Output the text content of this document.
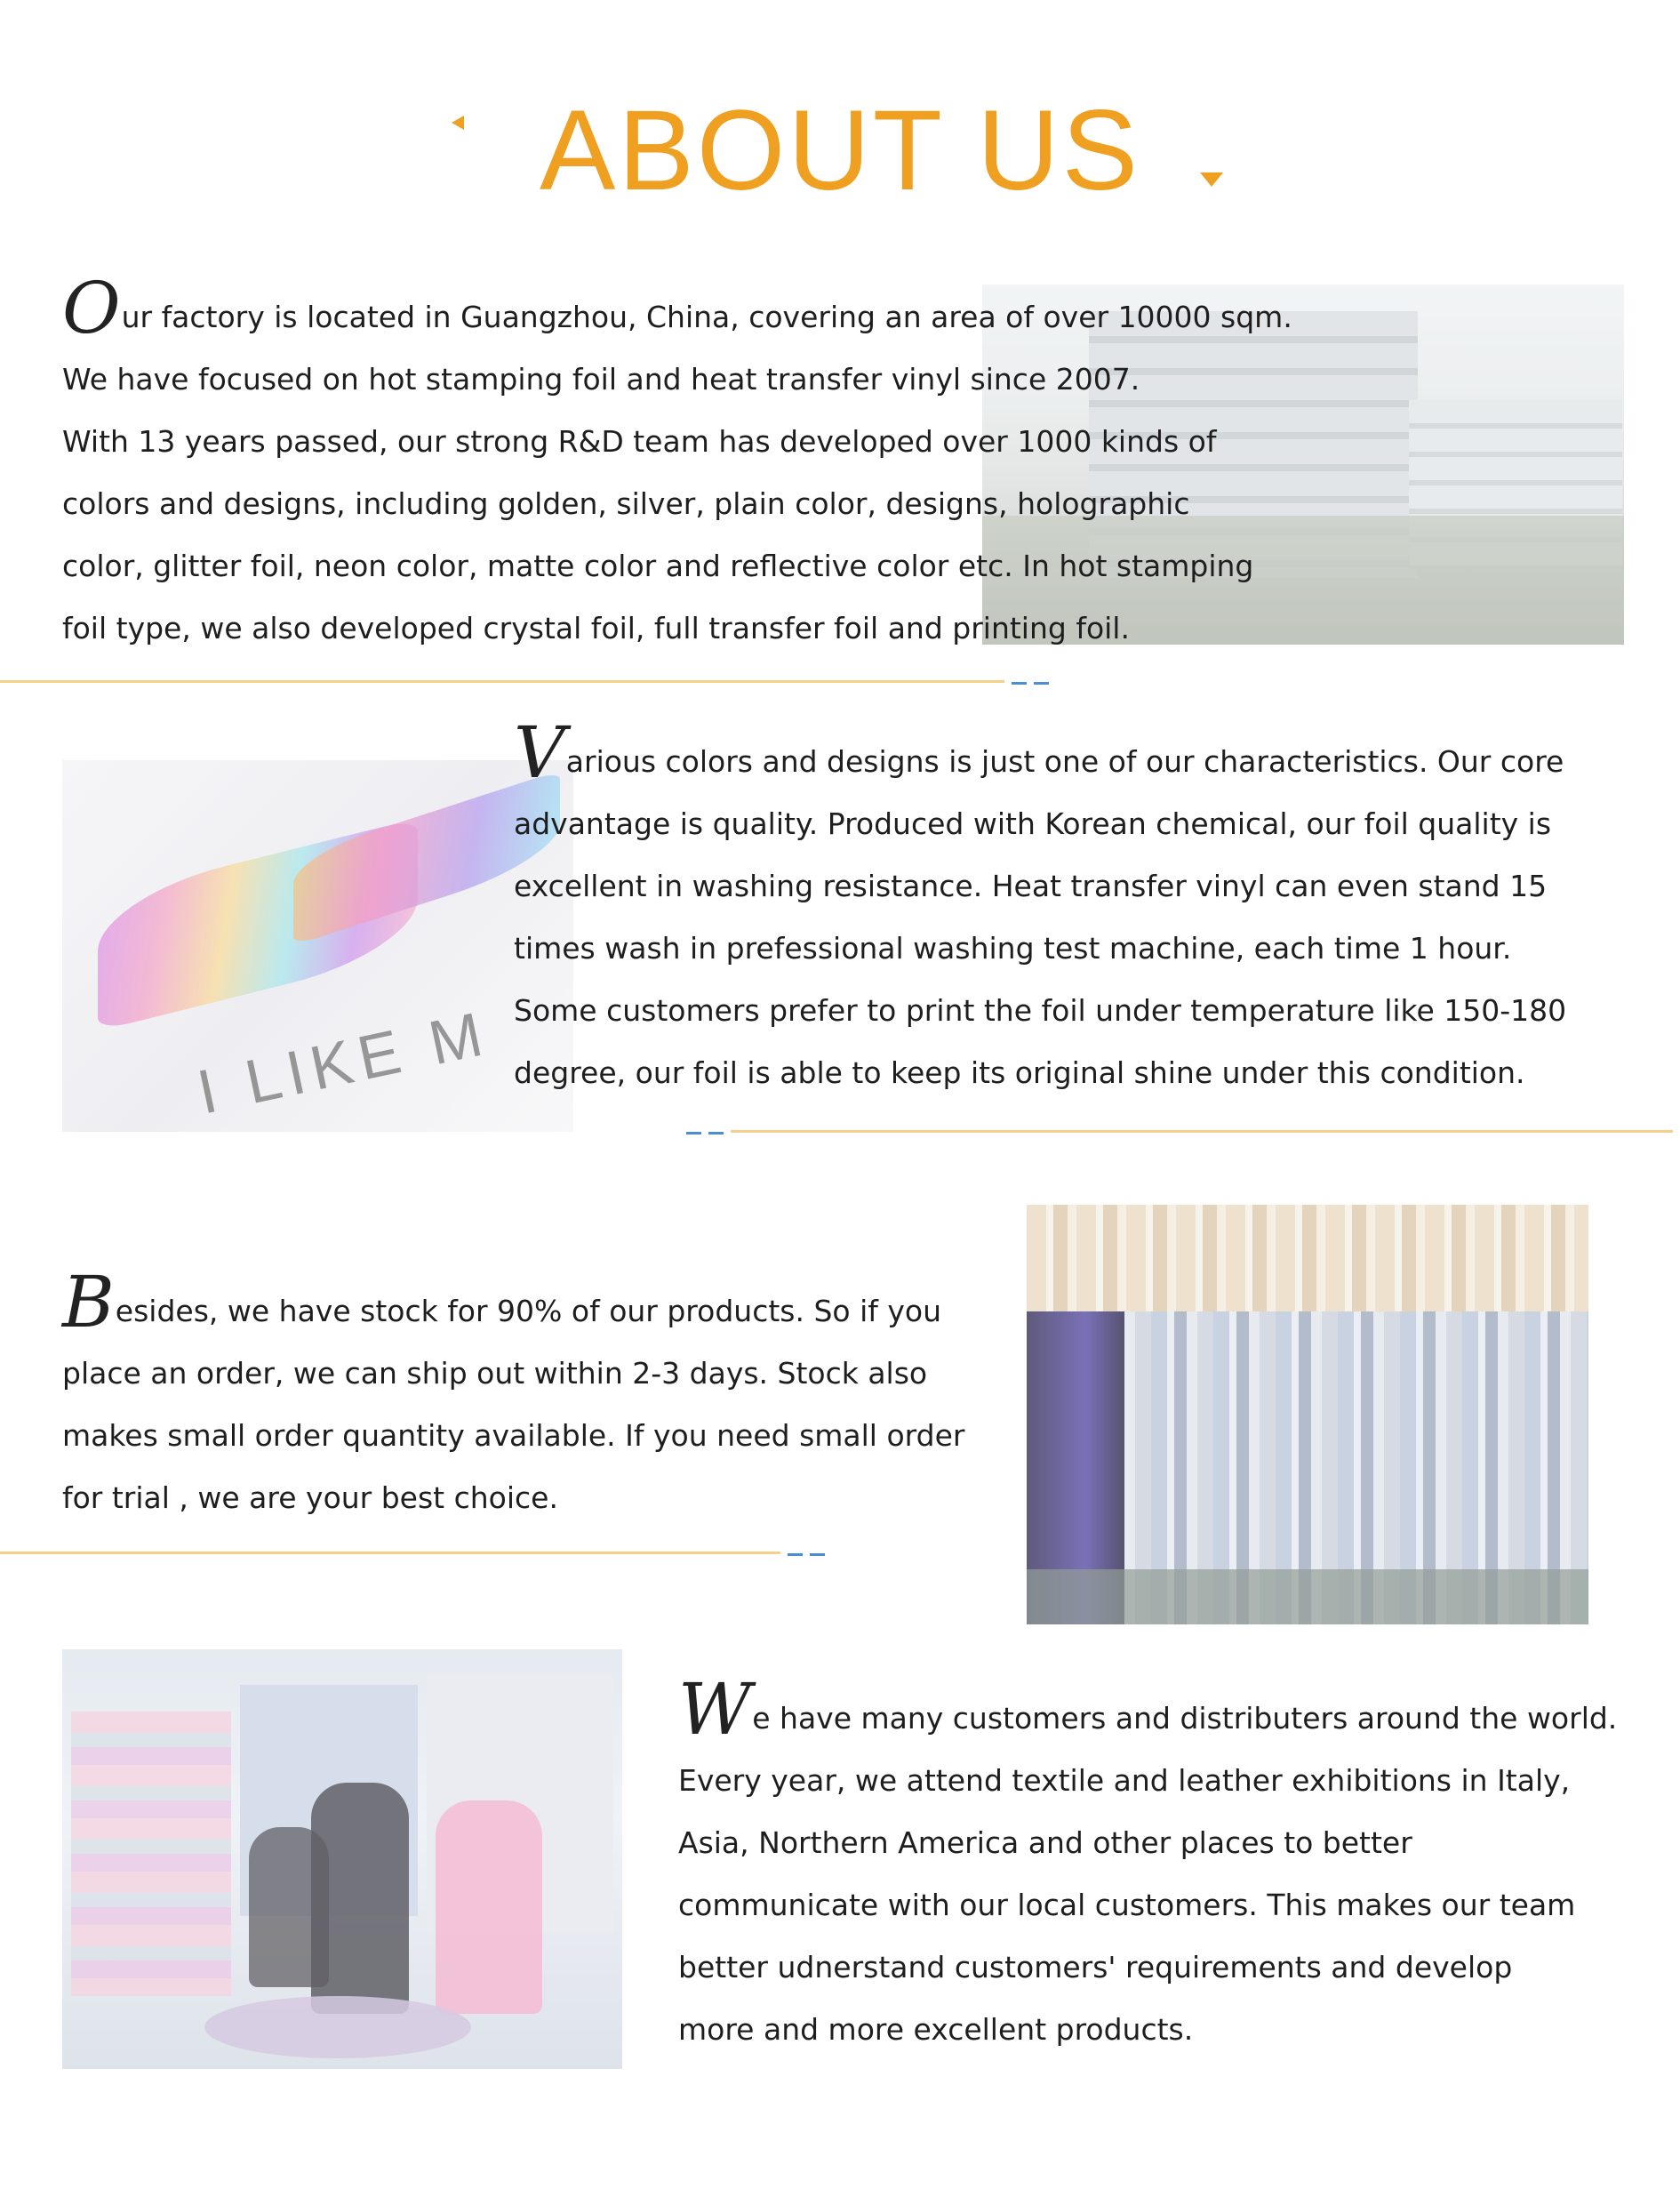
ABOUT US
Our factory is located in Guangzhou, China, covering an area of over 10000 sqm.
We have focused on hot stamping foil and heat transfer vinyl since 2007.
With 13 years passed, our strong R&D team has developed over 1000 kinds of
colors and designs, including golden, silver, plain color, designs, holographic
color, glitter foil, neon color, matte color and reflective color etc. In hot stamping
foil type, we also developed crystal foil, full transfer foil and printing foil.
I LIKE M
Various colors and designs is just one of our characteristics. Our core
advantage is quality. Produced with Korean chemical, our foil quality is
excellent in washing resistance. Heat transfer vinyl can even stand 15
times wash in prefessional washing test machine, each time 1 hour.
Some customers prefer to print the foil under temperature like 150-180
degree, our foil is able to keep its original shine under this condition.
Besides, we have stock for 90% of our products. So if you
place an order, we can ship out within 2-3 days. Stock also
makes small order quantity available. If you need small order
for trial , we are your best choice.
We have many customers and distributers around the world.
Every year, we attend textile and leather exhibitions in Italy,
Asia, Northern America and other places to better
communicate with our local customers. This makes our team
better udnerstand customers' requirements and develop
more and more excellent products.
